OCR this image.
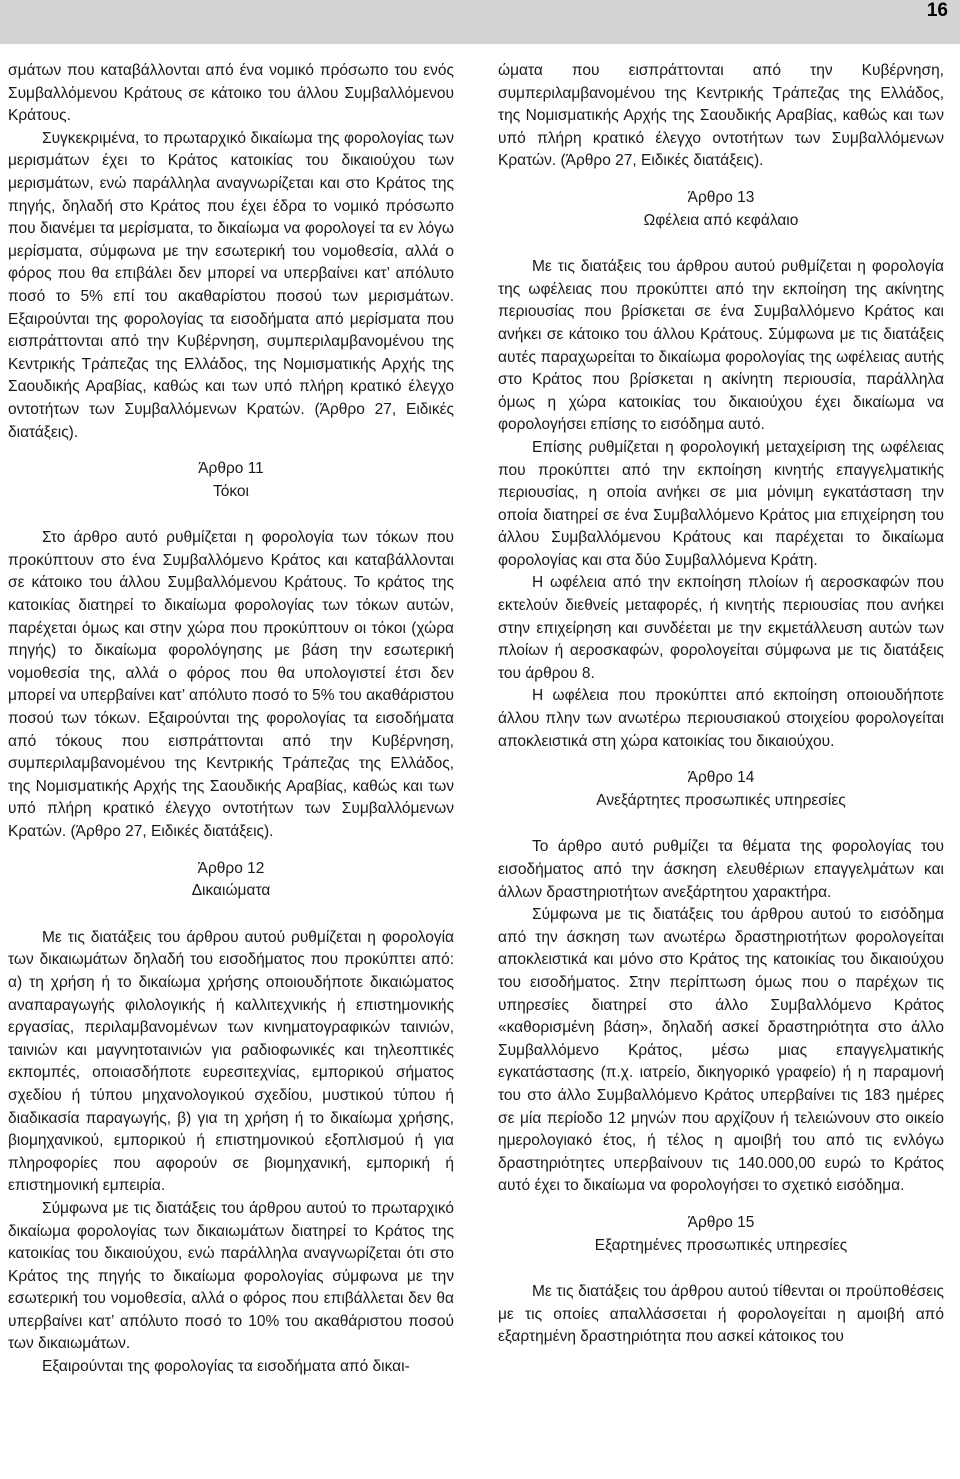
16

σμάτων που καταβάλλονται από ένα νομικό πρόσωπο του ενός Συμβαλλόμενου Κράτους σε κάτοικο του άλλου Συμβαλλόμενου Κράτους.

Συγκεκριμένα, το πρωταρχικό δικαίωμα της φορολογίας των μερισμάτων έχει το Κράτος κατοικίας του δικαιούχου των μερισμάτων, ενώ παράλληλα αναγνωρίζεται και στο Κράτος της πηγής, δηλαδή στο Κράτος που έχει έδρα το νομικό πρόσωπο που διανέμει τα μερίσματα, το δικαίωμα να φορολογεί τα εν λόγω μερίσματα, σύμφωνα με την εσωτερική του νομοθεσία, αλλά ο φόρος που θα επιβάλει δεν μπορεί να υπερβαίνει κατ’ απόλυτο ποσό το 5% επί του ακαθαρίστου ποσού των μερισμάτων. Εξαιρούνται της φορολογίας τα εισοδήματα από μερίσματα που εισπράττονται από την Κυβέρνηση, συμπεριλαμβανομένου της Κεντρικής Τράπεζας της Ελλάδος, της Νομισματικής Αρχής της Σαουδικής Αραβίας, καθώς και των υπό πλήρη κρατικό έλεγχο οντοτήτων των Συμβαλλόμενων Κρατών. (Άρθρο 27, Ειδικές διατάξεις).

Άρθρο 11
Τόκοι

Στο άρθρο αυτό ρυθμίζεται η φορολογία των τόκων που προκύπτουν στο ένα Συμβαλλόμενο Κράτος και καταβάλλονται σε κάτοικο του άλλου Συμβαλλόμενου Κράτους. Το κράτος της κατοικίας διατηρεί το δικαίωμα φορολογίας των τόκων αυτών, παρέχεται όμως και στην χώρα που προκύπτουν οι τόκοι (χώρα πηγής) το δικαίωμα φορολόγησης με βάση την εσωτερική νομοθεσία της, αλλά ο φόρος που θα υπολογιστεί έτσι δεν μπορεί να υπερβαίνει κατ’ απόλυτο ποσό το 5% του ακαθάριστου ποσού των τόκων. Εξαιρούνται της φορολογίας τα εισοδήματα από τόκους που εισπράττονται από την Κυβέρνηση, συμπεριλαμβανομένου της Κεντρικής Τράπεζας της Ελλάδος, της Νομισματικής Αρχής της Σαουδικής Αραβίας, καθώς και των υπό πλήρη κρατικό έλεγχο οντοτήτων των Συμβαλλόμενων Κρατών. (Άρθρο 27, Ειδικές διατάξεις).

Άρθρο 12
Δικαιώματα

Με τις διατάξεις του άρθρου αυτού ρυθμίζεται η φορολογία των δικαιωμάτων δηλαδή του εισοδήματος που προκύπτει από: α) τη χρήση ή το δικαίωμα χρήσης οποιουδήποτε δικαιώματος αναπαραγωγής φιλολογικής ή καλλιτεχνικής ή επιστημονικής εργασίας, περιλαμβανομένων των κινηματογραφικών ταινιών, ταινιών και μαγνητοταινιών για ραδιοφωνικές και τηλεοπτικές εκπομπές, οποιασδήποτε ευρεσιτεχνίας, εμπορικού σήματος σχεδίου ή τύπου μηχανολογικού σχεδίου, μυστικού τύπου ή διαδικασία παραγωγής, β) για τη χρήση ή το δικαίωμα χρήσης, βιομηχανικού, εμπορικού ή επιστημονικού εξοπλισμού ή για πληροφορίες που αφορούν σε βιομηχανική, εμπορική ή επιστημονική εμπειρία.

Σύμφωνα με τις διατάξεις του άρθρου αυτού το πρωταρχικό δικαίωμα φορολογίας των δικαιωμάτων διατηρεί το Κράτος της κατοικίας του δικαιούχου, ενώ παράλληλα αναγνωρίζεται ότι στο Κράτος της πηγής το δικαίωμα φορολογίας σύμφωνα με την εσωτερική του νομοθεσία, αλλά ο φόρος που επιβάλλεται δεν θα υπερβαίνει κατ’ απόλυτο ποσό το 10% του ακαθάριστου ποσού των δικαιωμάτων.

Εξαιρούνται της φορολογίας τα εισοδήματα από δικαι-

ώματα που εισπράττονται από την Κυβέρνηση, συμπεριλαμβανομένου της Κεντρικής Τράπεζας της Ελλάδος, της Νομισματικής Αρχής της Σαουδικής Αραβίας, καθώς και των υπό πλήρη κρατικό έλεγχο οντοτήτων των Συμβαλλόμενων Κρατών. (Άρθρο 27, Ειδικές διατάξεις).

Άρθρο 13
Ωφέλεια από κεφάλαιο

Με τις διατάξεις του άρθρου αυτού ρυθμίζεται η φορολογία της ωφέλειας που προκύπτει από την εκποίηση της ακίνητης περιουσίας που βρίσκεται σε ένα Συμβαλλόμενο Κράτος και ανήκει σε κάτοικο του άλλου Κράτους. Σύμφωνα με τις διατάξεις αυτές παραχωρείται το δικαίωμα φορολογίας της ωφέλειας αυτής στο Κράτος που βρίσκεται η ακίνητη περιουσία, παράλληλα όμως η χώρα κατοικίας του δικαιούχου έχει δικαίωμα να φορολογήσει επίσης το εισόδημα αυτό.

Επίσης ρυθμίζεται η φορολογική μεταχείριση της ωφέλειας που προκύπτει από την εκποίηση κινητής επαγγελματικής περιουσίας, η οποία ανήκει σε μια μόνιμη εγκατάσταση την οποία διατηρεί σε ένα Συμβαλλόμενο Κράτος μια επιχείρηση του άλλου Συμβαλλόμενου Κράτους και παρέχεται το δικαίωμα φορολογίας και στα δύο Συμβαλλόμενα Κράτη.

Η ωφέλεια από την εκποίηση πλοίων ή αεροσκαφών που εκτελούν διεθνείς μεταφορές, ή κινητής περιουσίας που ανήκει στην επιχείρηση και συνδέεται με την εκμετάλλευση αυτών των πλοίων ή αεροσκαφών, φορολογείται σύμφωνα με τις διατάξεις του άρθρου 8.

Η ωφέλεια που προκύπτει από εκποίηση οποιουδήποτε άλλου πλην των ανωτέρω περιουσιακού στοιχείου φορολογείται αποκλειστικά στη χώρα κατοικίας του δικαιούχου.

Άρθρο 14
Ανεξάρτητες προσωπικές υπηρεσίες

Το άρθρο αυτό ρυθμίζει τα θέματα της φορολογίας του εισοδήματος από την άσκηση ελευθέριων επαγγελμάτων και άλλων δραστηριοτήτων ανεξάρτητου χαρακτήρα.

Σύμφωνα με τις διατάξεις του άρθρου αυτού το εισόδημα από την άσκηση των ανωτέρω δραστηριοτήτων φορολογείται αποκλειστικά και μόνο στο Κράτος της κατοικίας του δικαιούχου του εισοδήματος. Στην περίπτωση όμως που ο παρέχων τις υπηρεσίες διατηρεί στο άλλο Συμβαλλόμενο Κράτος «καθορισμένη βάση», δηλαδή ασκεί δραστηριότητα στο άλλο Συμβαλλόμενο Κράτος, μέσω μιας επαγγελματικής εγκατάστασης (π.χ. ιατρείο, δικηγορικό γραφείο) ή η παραμονή του στο άλλο Συμβαλλόμενο Κράτος υπερβαίνει τις 183 ημέρες σε μία περίοδο 12 μηνών που αρχίζουν ή τελειώνουν στο οικείο ημερολογιακό έτος, ή τέλος η αμοιβή του από τις ενλόγω δραστηριότητες υπερβαίνουν τις 140.000,00 ευρώ το Κράτος αυτό έχει το δικαίωμα να φορολογήσει το σχετικό εισόδημα.

Άρθρο 15
Εξαρτημένες προσωπικές υπηρεσίες

Με τις διατάξεις του άρθρου αυτού τίθενται οι προϋποθέσεις με τις οποίες απαλλάσσεται ή φορολογείται η αμοιβή από εξαρτημένη δραστηριότητα που ασκεί κάτοικος του
